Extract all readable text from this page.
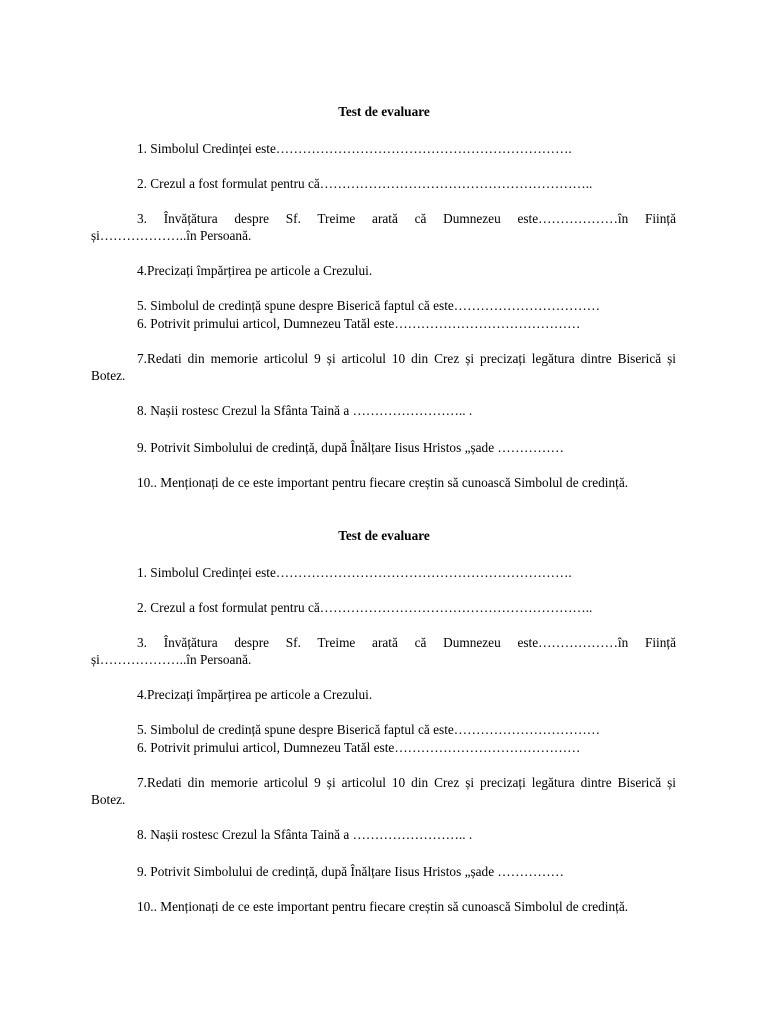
Test de evaluare
1. Simbolul Credinței este………………………………………………………….
2. Crezul a fost formulat pentru că……………………………………………………..
3. Învățătura despre Sf. Treime arată că Dumnezeu este………………în Ființă
și………………..în Persoană.
4.Precizați împărțirea pe articole a Crezului.
5. Simbolul de credință spune despre Biserică faptul că este……………………………
6. Potrivit primului articol, Dumnezeu Tatăl este……………………………………
7.Redati din memorie articolul 9 și articolul 10 din Crez și precizați legătura dintre Biserică și
Botez.
8. Nașii rostesc Crezul la Sfânta Taină a …………………….. .
9. Potrivit Simbolului de credință, după Înălțare Iisus Hristos „șade ……………
10.. Menționați de ce este important pentru fiecare creștin să cunoască Simbolul de credință.
Test de evaluare
1. Simbolul Credinței este………………………………………………………….
2. Crezul a fost formulat pentru că……………………………………………………..
3. Învățătura despre Sf. Treime arată că Dumnezeu este………………în Ființă
și………………..în Persoană.
4.Precizați împărțirea pe articole a Crezului.
5. Simbolul de credință spune despre Biserică faptul că este……………………………
6. Potrivit primului articol, Dumnezeu Tatăl este……………………………………
7.Redati din memorie articolul 9 și articolul 10 din Crez și precizați legătura dintre Biserică și
Botez.
8. Nașii rostesc Crezul la Sfânta Taină a …………………….. .
9. Potrivit Simbolului de credință, după Înălțare Iisus Hristos „șade ……………
10.. Menționați de ce este important pentru fiecare creștin să cunoască Simbolul de credință.
